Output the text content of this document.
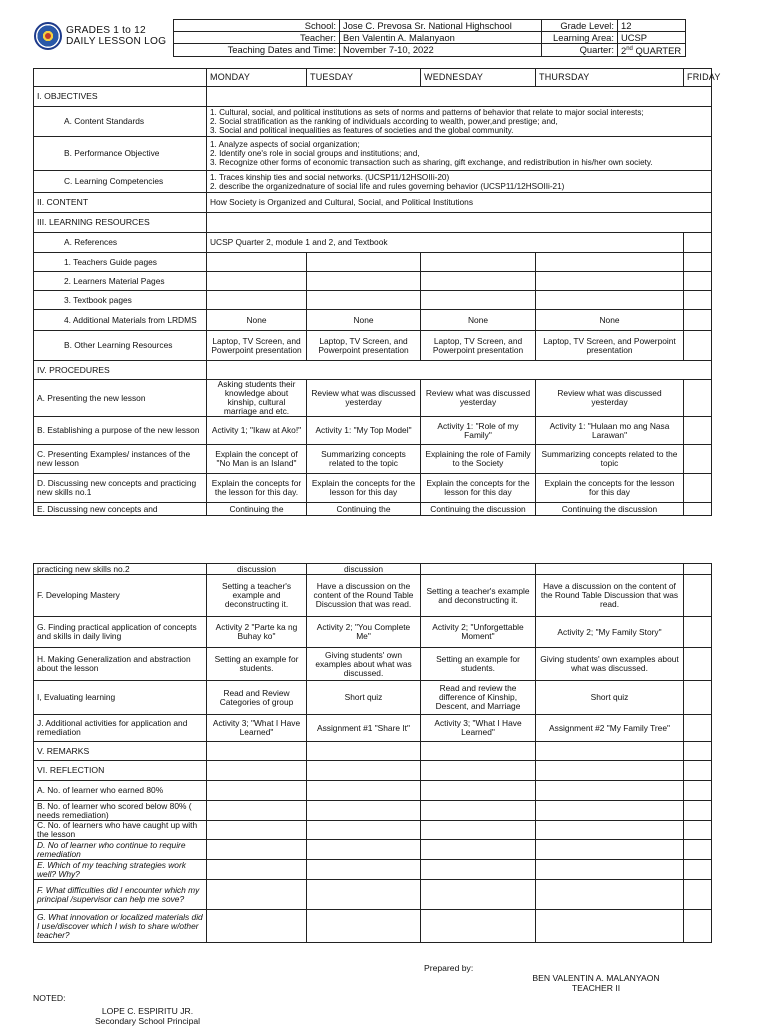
GRADES 1 to 12
DAILY LESSON LOG
School:	Jose C. Prevosa Sr. National Highschool	Grade Level:	12
Teacher:	Ben Valentin A. Malanyaon	Learning Area:	UCSP
Teaching Dates and Time:	November 7-10, 2022	Quarter:	2nd QUARTER
	MONDAY	TUESDAY	WEDNESDAY	THURSDAY	FRIDAY
I. OBJECTIVES					
A. Content Standards	1. Cultural, social, and political institutions as sets of norms and patterns of behavior that relate to major social interests;
2. Social stratification as the ranking of individuals according to wealth, power,and prestige; and,
3. Social and political inequalities as features of societies and the global community.				
B. Performance Objective	1. Analyze aspects of social organization;
2. Identify one's role in social groups and institutions; and,
3. Recognize other forms of economic transaction such as sharing, gift exchange, and redistribution in his/her own society.				
C. Learning Competencies	1. Traces kinship ties and social networks. (UCSP11/12HSOIIi-20)
2. describe the organizednature of social life and rules governing behavior (UCSP11/12HSOIIi-21)				
II. CONTENT	How Society is Organized and Cultural, Social, and Political Institutions				
III. LEARNING RESOURCES					
A. References	UCSP Quarter 2, module 1 and 2, and Textbook				
1. Teachers Guide pages					
2. Learners Material Pages					
3. Textbook pages					
4. Additional Materials from LRDMS	None	None	None	None	
B. Other Learning Resources	Laptop, TV Screen, and Powerpoint presentation	Laptop, TV Screen, and Powerpoint presentation	Laptop, TV Screen, and Powerpoint presentation	Laptop, TV Screen, and Powerpoint presentation	
IV. PROCEDURES					
A. Presenting the new lesson	Asking students their knowledge about kinship, cultural marriage and etc.	Review what was discussed yesterday	Review what was discussed yesterday	Review what was discussed yesterday	
B. Establishing a purpose of the new lesson	Activity 1; "Ikaw at Ako!"	Activity 1: "My Top Model"	Activity 1: "Role of my Family"	Activity 1: "Hulaan mo ang Nasa Larawan"	
C. Presenting Examples/ instances of the new lesson	Explain the concept of "No Man is an Island"	Summarizing concepts related to the topic	Explaining the role of Family to the Society	Summarizing concepts related to the topic	
D. Discussing new concepts and practicing new skills no.1	Explain the concepts for the lesson for this day.	Explain the concepts for the lesson for this day	Explain the concepts for the lesson for this day	Explain the concepts for the lesson for this day	
E. Discussing new concepts and	Continuing the	Continuing the	Continuing the discussion	Continuing the discussion	
practicing new skills no.2	discussion	discussion			
F. Developing Mastery	Setting a teacher's example and deconstructing it.	Have a discussion on the content of the Round Table Discussion that was read.	Setting a teacher's example and deconstructing it.	Have a discussion on the content of the Round Table Discussion that was read.	
G. Finding practical application of concepts and skills in daily living	Activity 2 "Parte ka ng Buhay ko"	Activity 2; "You Complete Me"	Activity 2; "Unforgettable Moment"	Activity 2; "My Family Story"	
H. Making Generalization and abstraction about the lesson	Setting an example for students.	Giving students' own examples about what was discussed.	Setting an example for students.	Giving students' own examples about what was discussed.	
I, Evaluating learning	Read and Review Categories of group	Short quiz	Read and review the difference of Kinship, Descent, and Marriage	Short quiz	
J. Additional activities for application and remediation	Activity 3; "What I Have Learned"	Assignment #1 "Share It"	Activity 3; "What I Have Learned"	Assignment #2 "My Family Tree"	
V. REMARKS					
VI. REFLECTION					
A. No. of learner who earned 80%					
B. No. of learner who scored below 80% ( needs remediation)					
C. No. of learners who have caught up with the lesson					
D. No of learner who continue to require remediation					
E. Which of my teaching strategies work well? Why?					
F. What difficulties did I encounter which my principal /supervisor can help me sove?					
G. What innovation or localized materials did I use/discover which I wish to share w/other teacher?					
Prepared by:
BEN VALENTIN A. MALANYAON
TEACHER II
NOTED:
LOPE C. ESPIRITU JR.
Secondary School Principal
